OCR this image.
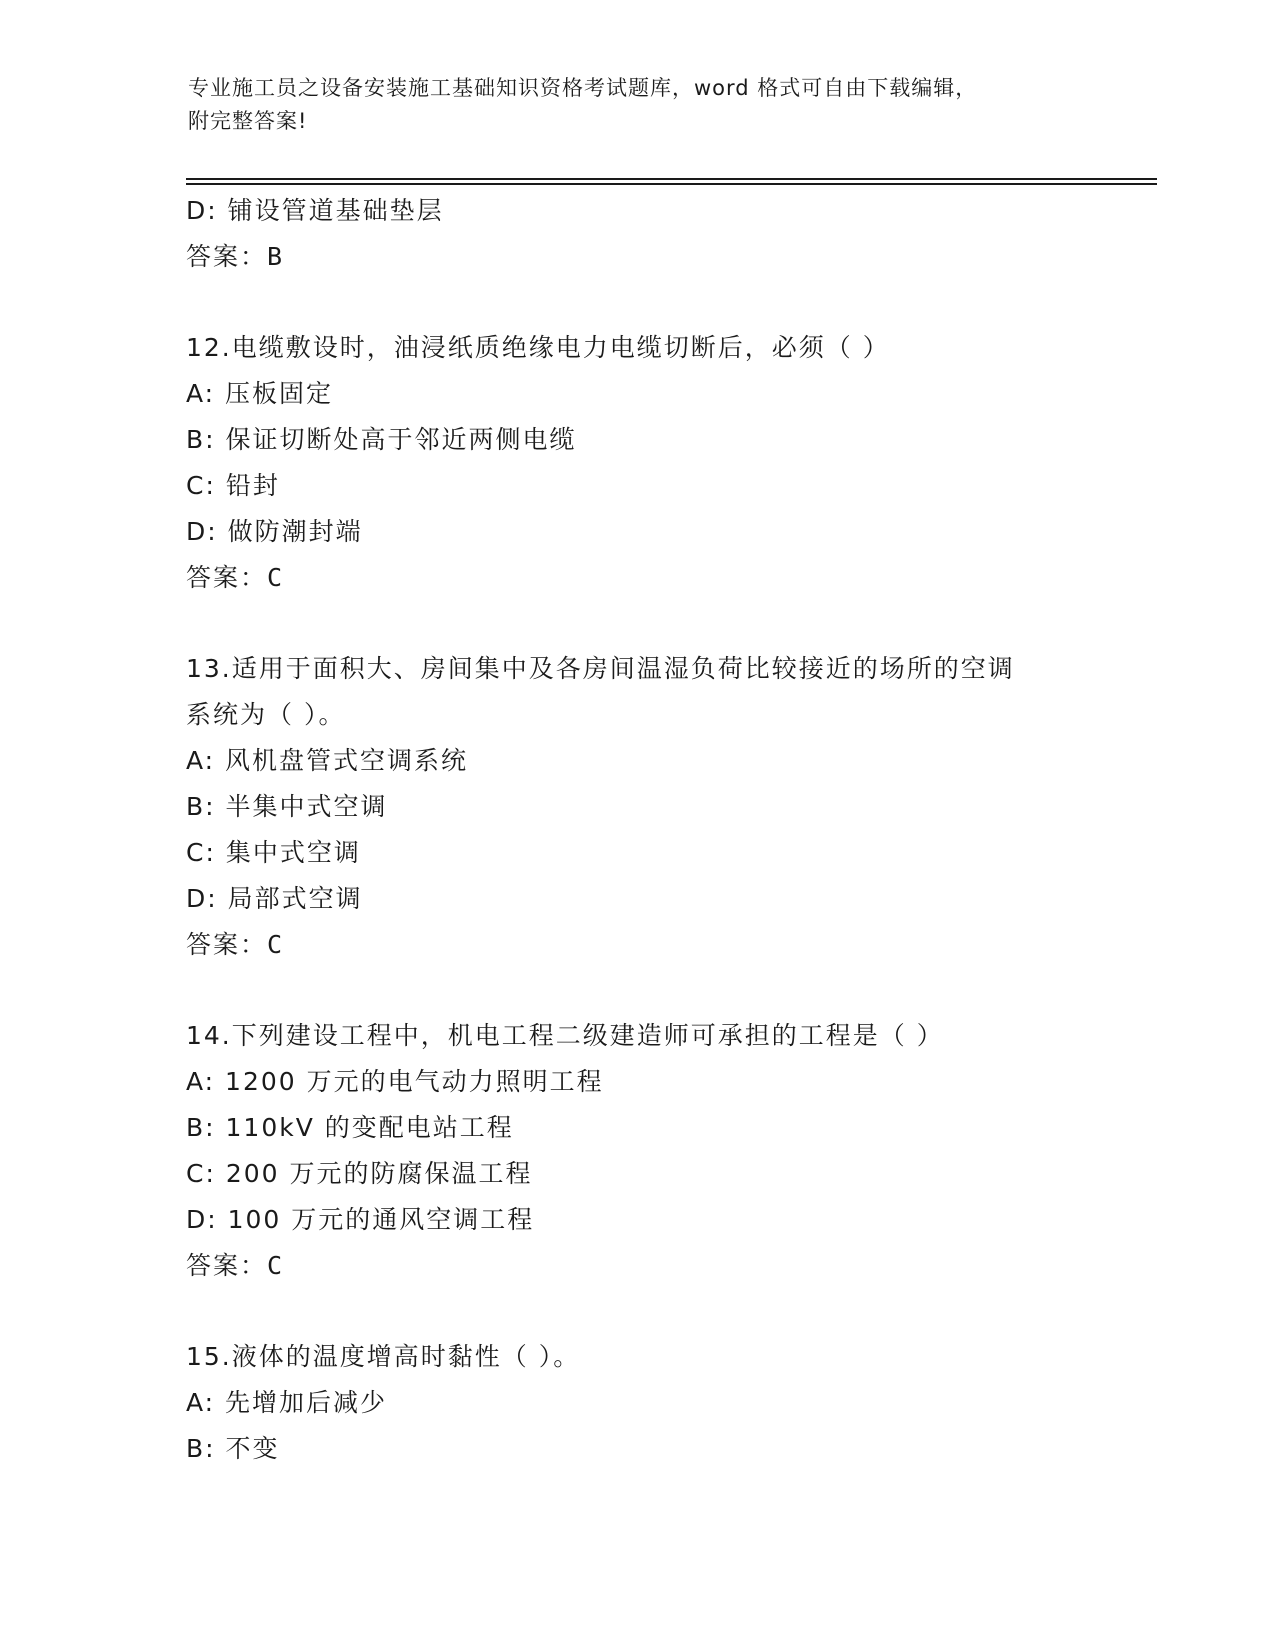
专业施工员之设备安装施工基础知识资格考试题库，word 格式可自由下载编辑，
附完整答案!
D: 铺设管道基础垫层
答案：B
12.电缆敷设时，油浸纸质绝缘电力电缆切断后，必须（ ）
A: 压板固定
B: 保证切断处高于邻近两侧电缆
C: 铅封
D: 做防潮封端
答案：C
13.适用于面积大、房间集中及各房间温湿负荷比较接近的场所的空调
系统为（ ）。
A: 风机盘管式空调系统
B: 半集中式空调
C: 集中式空调
D: 局部式空调
答案：C
14.下列建设工程中，机电工程二级建造师可承担的工程是（ ）
A: 1200 万元的电气动力照明工程
B: 110kV 的变配电站工程
C: 200 万元的防腐保温工程
D: 100 万元的通风空调工程
答案：C
15.液体的温度增高时黏性（ ）。
A: 先增加后减少
B: 不变
